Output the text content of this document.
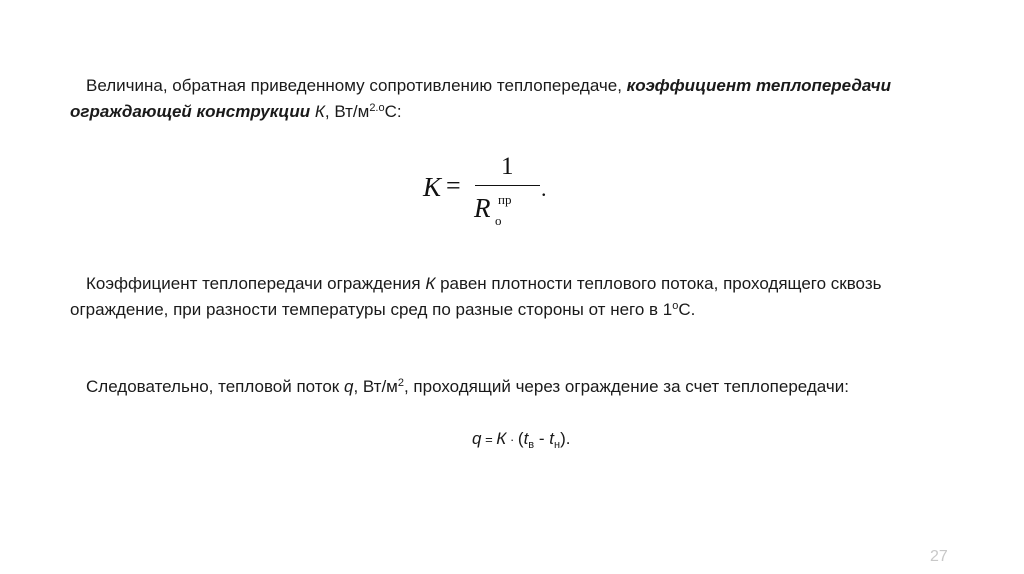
Величина, обратная приведенному сопротивлению теплопередаче, коэффициент теплопередачи ограждающей конструкции К, $Вт/м^{2.o}С$:
K =
1
R пр
о
.
Коэффициент теплопередачи ограждения К равен плотности теплового потока, проходящего сквозь ограждение, при разности температуры сред по разные стороны от него в $1^оС$.
Следовательно, тепловой поток q, $Вт/м^2$, проходящий через ограждение за счет теплопередачи:
$q = К \cdot (t_в - t_н)$.
27
